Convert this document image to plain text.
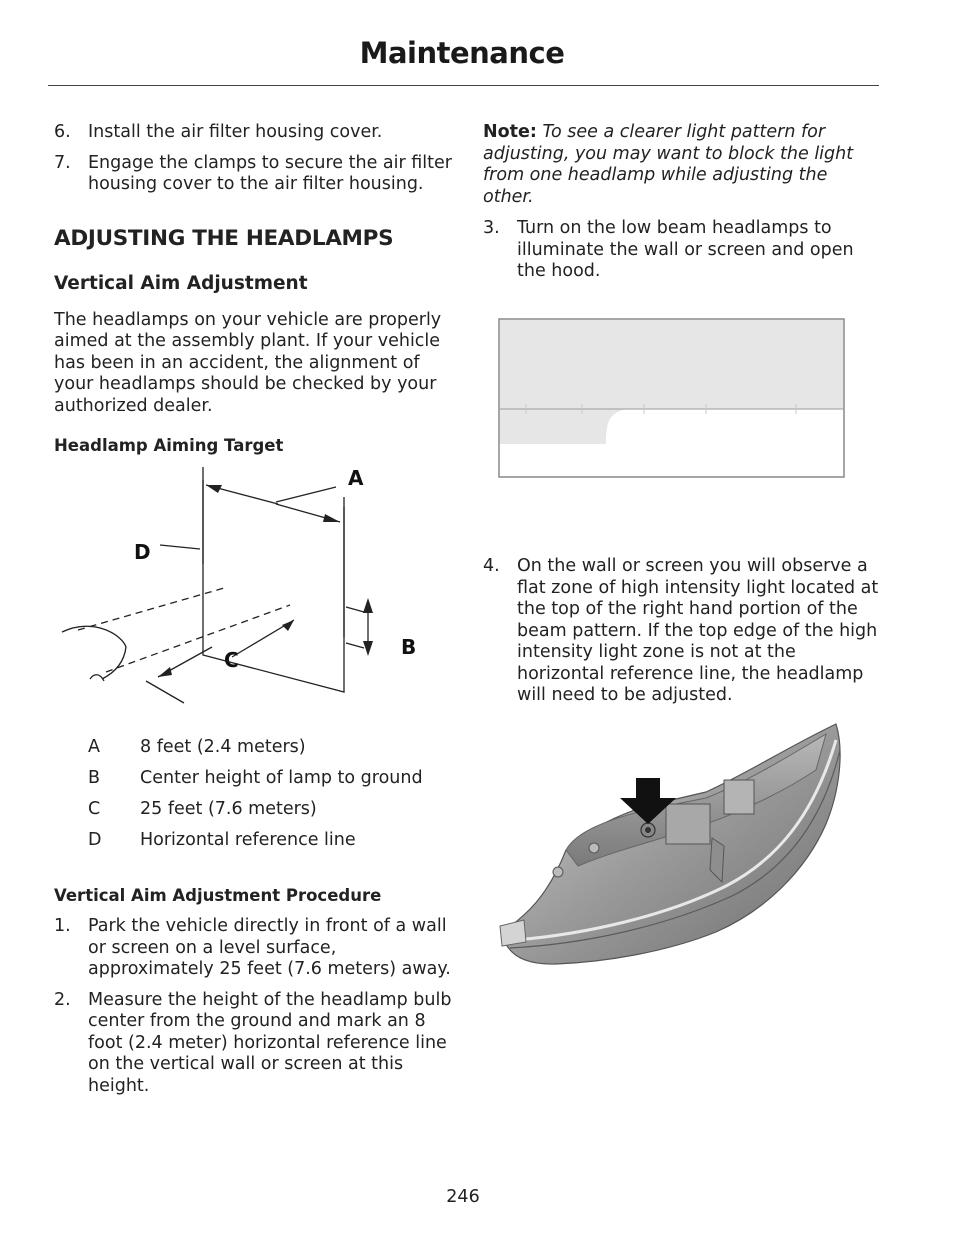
Maintenance
6. Install the air filter housing cover.
7. Engage the clamps to secure the air filter housing cover to the air filter housing.
ADJUSTING THE HEADLAMPS
Vertical Aim Adjustment
The headlamps on your vehicle are properly aimed at the assembly plant. If your vehicle has been in an accident, the alignment of your headlamps should be checked by your authorized dealer.
Headlamp Aiming Target
A
D
C
B
A	8 feet (2.4 meters)
B	Center height of lamp to ground
C	25 feet (7.6 meters)
D	Horizontal reference line
Vertical Aim Adjustment Procedure
1. Park the vehicle directly in front of a wall or screen on a level surface, approximately 25 feet (7.6 meters) away.
2. Measure the height of the headlamp bulb center from the ground and mark an 8 foot (2.4 meter) horizontal reference line on the vertical wall or screen at this height.
Note: To see a clearer light pattern for adjusting, you may want to block the light from one headlamp while adjusting the other.
3. Turn on the low beam headlamps to illuminate the wall or screen and open the hood.
4. On the wall or screen you will observe a flat zone of high intensity light located at the top of the right hand portion of the beam pattern. If the top edge of the high intensity light zone is not at the horizontal reference line, the headlamp will need to be adjusted.
246
